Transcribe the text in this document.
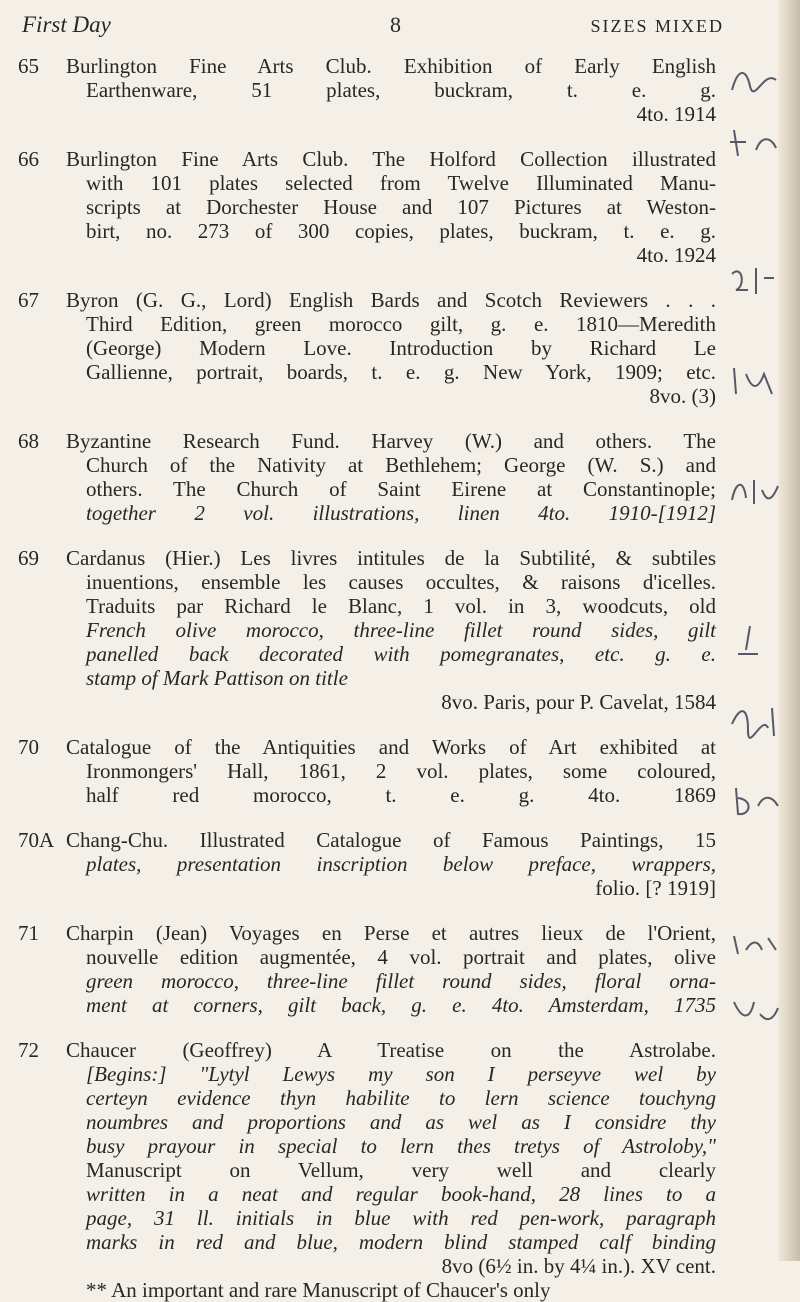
First Day	8	SIZES MIXED
65	Burlington Fine Arts Club. Exhibition of Early English
Earthenware, 51 plates, buckram, t. e. g.
4to. 1914
66	Burlington Fine Arts Club. The Holford Collection illustrated
with 101 plates selected from Twelve Illuminated Manu-
scripts at Dorchester House and 107 Pictures at Weston-
birt, no. 273 of 300 copies, plates, buckram, t. e. g.
4to. 1924
67	Byron (G. G., Lord) English Bards and Scotch Reviewers . . .
Third Edition, green morocco gilt, g. e. 1810—Meredith
(George) Modern Love. Introduction by Richard Le
Gallienne, portrait, boards, t. e. g. New York, 1909; etc.
8vo. (3)
68	Byzantine Research Fund. Harvey (W.) and others. The
Church of the Nativity at Bethlehem; George (W. S.) and
others. The Church of Saint Eirene at Constantinople;
together 2 vol. illustrations, linen 4to. 1910-[1912]
69	Cardanus (Hier.) Les livres intitules de la Subtilité, & subtiles
inuentions, ensemble les causes occultes, & raisons d'icelles.
Traduits par Richard le Blanc, 1 vol. in 3, woodcuts, old
French olive morocco, three-line fillet round sides, gilt
panelled back decorated with pomegranates, etc. g. e.
stamp of Mark Pattison on title
8vo. Paris, pour P. Cavelat, 1584
70	Catalogue of the Antiquities and Works of Art exhibited at
Ironmongers' Hall, 1861, 2 vol. plates, some coloured,
half red morocco, t. e. g. 4to. 1869
70A Chang-Chu. Illustrated Catalogue of Famous Paintings, 15
plates, presentation inscription below preface, wrappers,
folio. [? 1919]
71	Charpin (Jean) Voyages en Perse et autres lieux de l'Orient,
nouvelle edition augmentée, 4 vol. portrait and plates, olive
green morocco, three-line fillet round sides, floral orna-
ment at corners, gilt back, g. e. 4to. Amsterdam, 1735
72	Chaucer (Geoffrey) A Treatise on the Astrolabe.
[Begins:] "Lytyl Lewys my son I perseyve wel by
certeyn evidence thyn habilite to lern science touchyng
noumbres and proportions and as wel as I considre thy
busy prayour in special to lern thes tretys of Astroloby,"
Manuscript on Vellum, very well and clearly
written in a neat and regular book-hand, 28 lines to a
page, 31 ll. initials in blue with red pen-work, paragraph
marks in red and blue, modern blind stamped calf binding
8vo (6½ in. by 4¼ in.). XV cent.
** An important and rare Manuscript of Chaucer's only
